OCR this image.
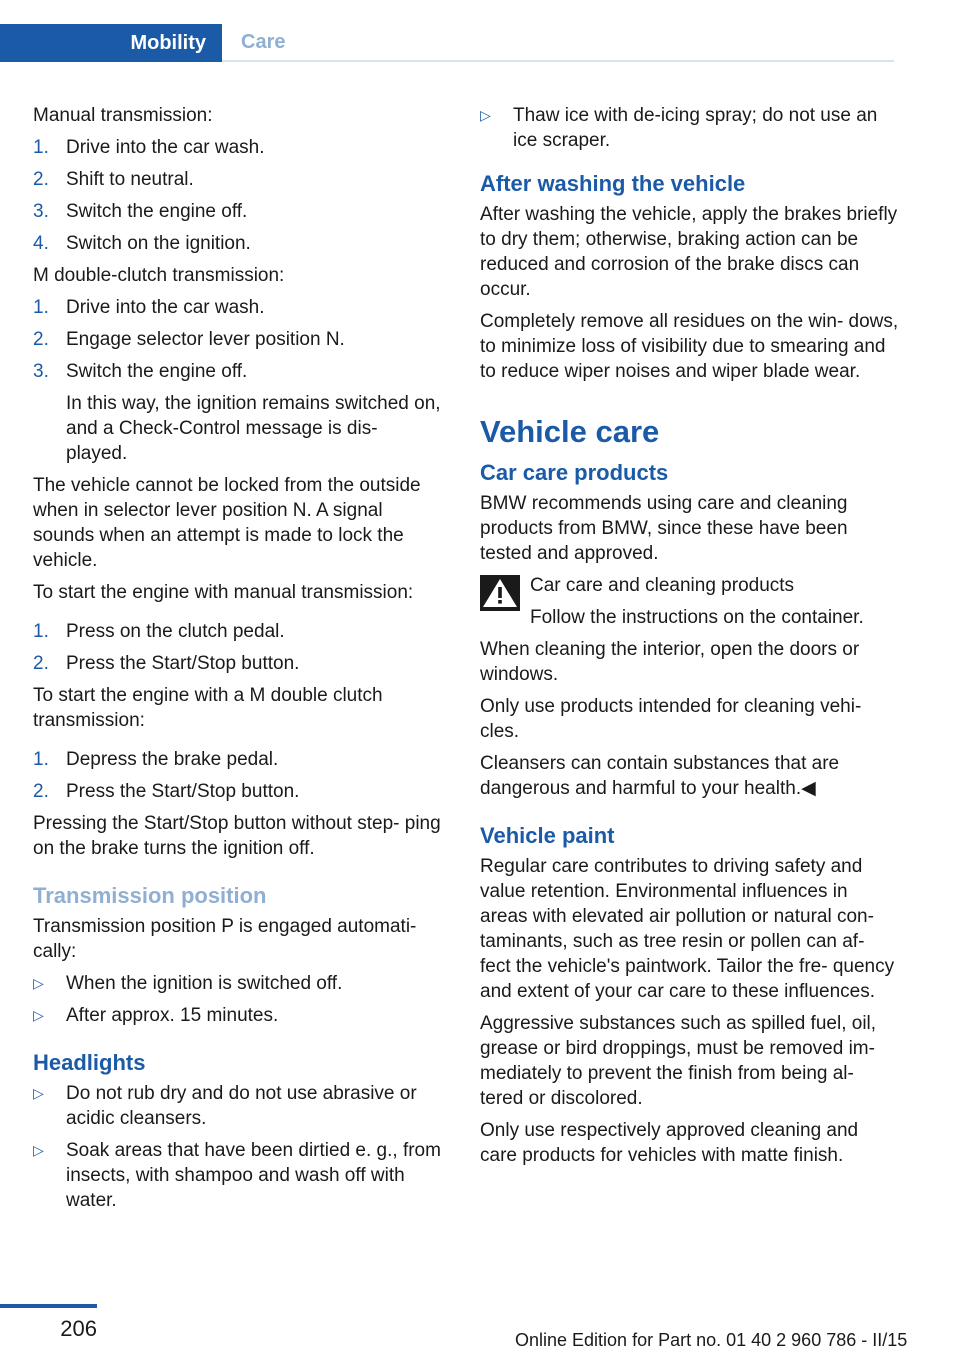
Mobility	Care

Manual transmission:

1. Drive into the car wash.
2. Shift to neutral.
3. Switch the engine off.
4. Switch on the ignition.

M double-clutch transmission:

1. Drive into the car wash.
2. Engage selector lever position N.
3. Switch the engine off.
In this way, the ignition remains switched on, and a Check-Control message is dis‐ played.

The vehicle cannot be locked from the outside when in selector lever position N. A signal sounds when an attempt is made to lock the vehicle.

To start the engine with manual transmission:

1. Press on the clutch pedal.
2. Press the Start/Stop button.

To start the engine with a M double clutch transmission:

1. Depress the brake pedal.
2. Press the Start/Stop button.

Pressing the Start/Stop button without step‐ ping on the brake turns the ignition off.

Transmission position

Transmission position P is engaged automati‐ cally:

▷ When the ignition is switched off.
▷ After approx. 15 minutes.
Headlights
▷ Do not rub dry and do not use abrasive or acidic cleansers.
▷ Soak areas that have been dirtied e. g., from insects, with shampoo and wash off with water.
▷ Thaw ice with de-icing spray; do not use an ice scraper.
After washing the vehicle

After washing the vehicle, apply the brakes briefly to dry them; otherwise, braking action can be reduced and corrosion of the brake discs can occur.

Completely remove all residues on the win‐ dows, to minimize loss of visibility due to smearing and to reduce wiper noises and wiper blade wear.

Vehicle care
Car care products

BMW recommends using care and cleaning products from BMW, since these have been tested and approved.

Car care and cleaning products

Follow the instructions on the container.

When cleaning the interior, open the doors or windows.

Only use products intended for cleaning vehi‐ cles.

Cleansers can contain substances that are dangerous and harmful to your health.◀

Vehicle paint

Regular care contributes to driving safety and value retention. Environmental influences in areas with elevated air pollution or natural con‐ taminants, such as tree resin or pollen can af‐ fect the vehicle's paintwork. Tailor the fre‐ quency and extent of your car care to these influences.

Aggressive substances such as spilled fuel, oil, grease or bird droppings, must be removed im‐ mediately to prevent the finish from being al‐ tered or discolored.

Only use respectively approved cleaning and care products for vehicles with matte finish.

206	Online Edition for Part no. 01 40 2 960 786 - II/15
